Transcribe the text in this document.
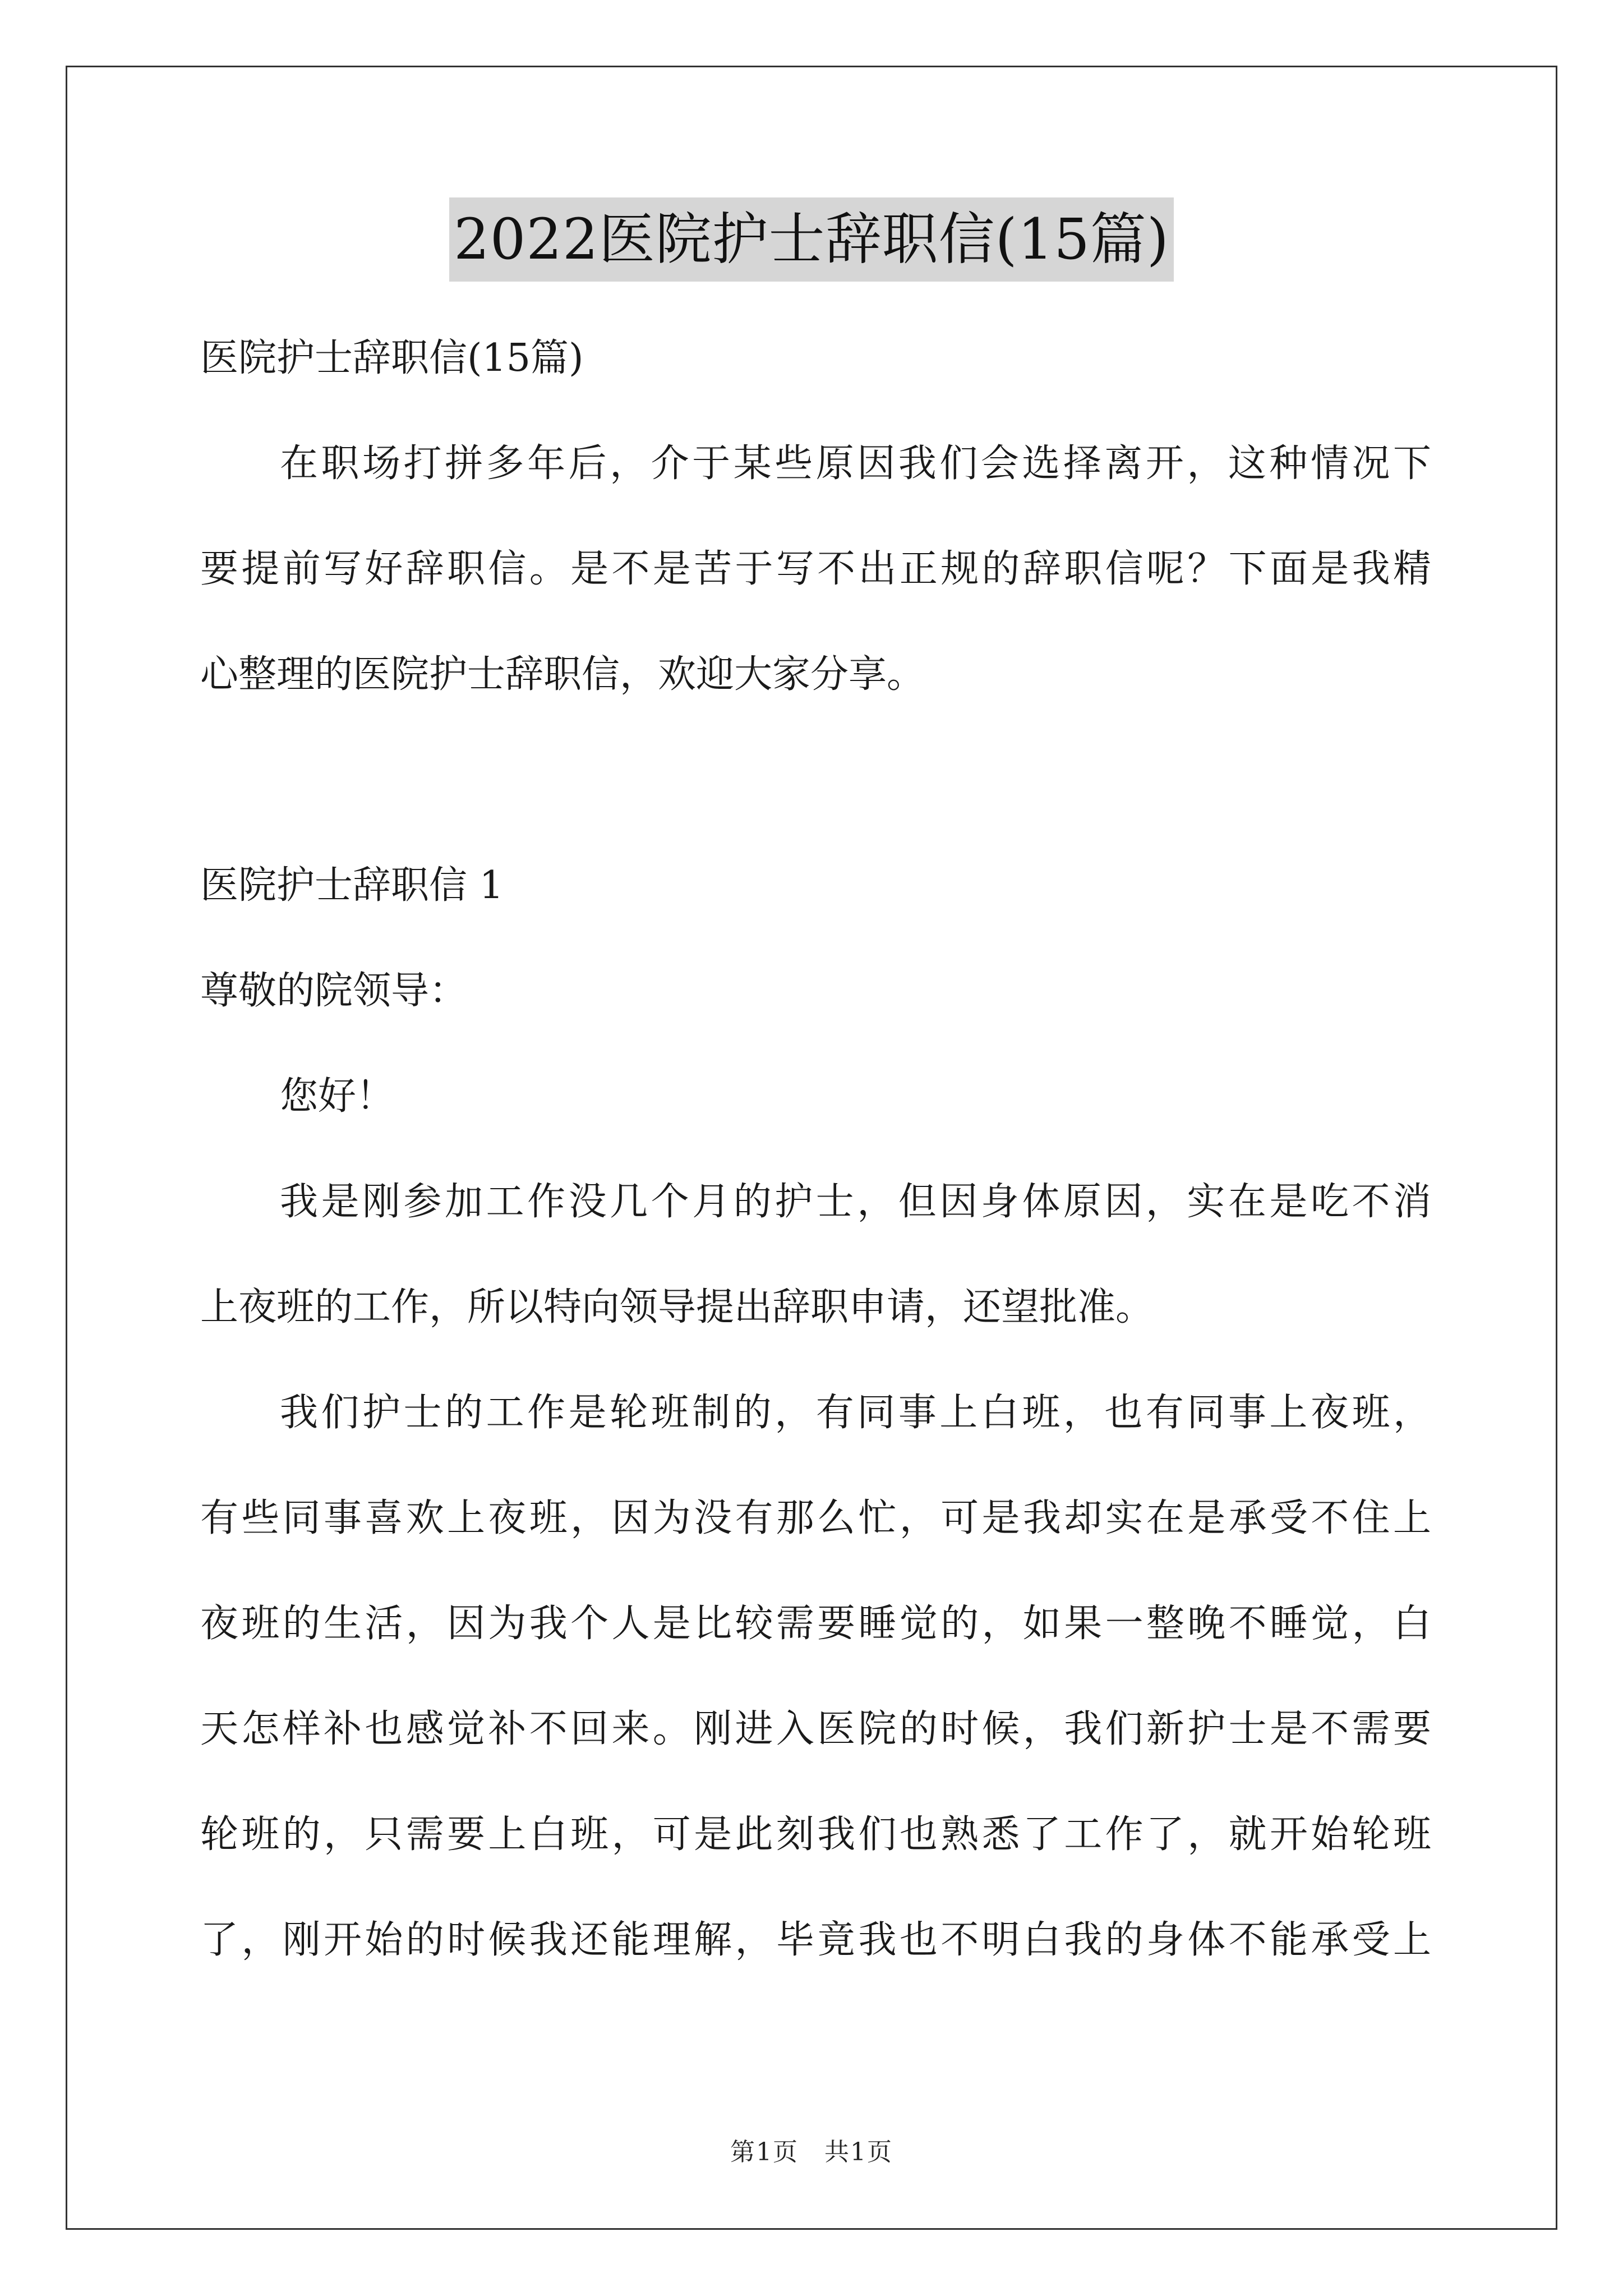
2022医院护士辞职信(15篇)
医院护士辞职信(15篇)
在职场打拼多年后，介于某些原因我们会选择离开，这种情况下
要提前写好辞职信。是不是苦于写不出正规的辞职信呢？下面是我精
心整理的医院护士辞职信，欢迎大家分享。
医院护士辞职信 1
尊敬的院领导：
您好！
我是刚参加工作没几个月的护士，但因身体原因，实在是吃不消
上夜班的工作，所以特向领导提出辞职申请，还望批准。
我们护士的工作是轮班制的，有同事上白班，也有同事上夜班，
有些同事喜欢上夜班，因为没有那么忙，可是我却实在是承受不住上
夜班的生活，因为我个人是比较需要睡觉的，如果一整晚不睡觉，白
天怎样补也感觉补不回来。刚进入医院的时候，我们新护士是不需要
轮班的，只需要上白班，可是此刻我们也熟悉了工作了，就开始轮班
了，刚开始的时候我还能理解，毕竟我也不明白我的身体不能承受上
第1页　共1页
